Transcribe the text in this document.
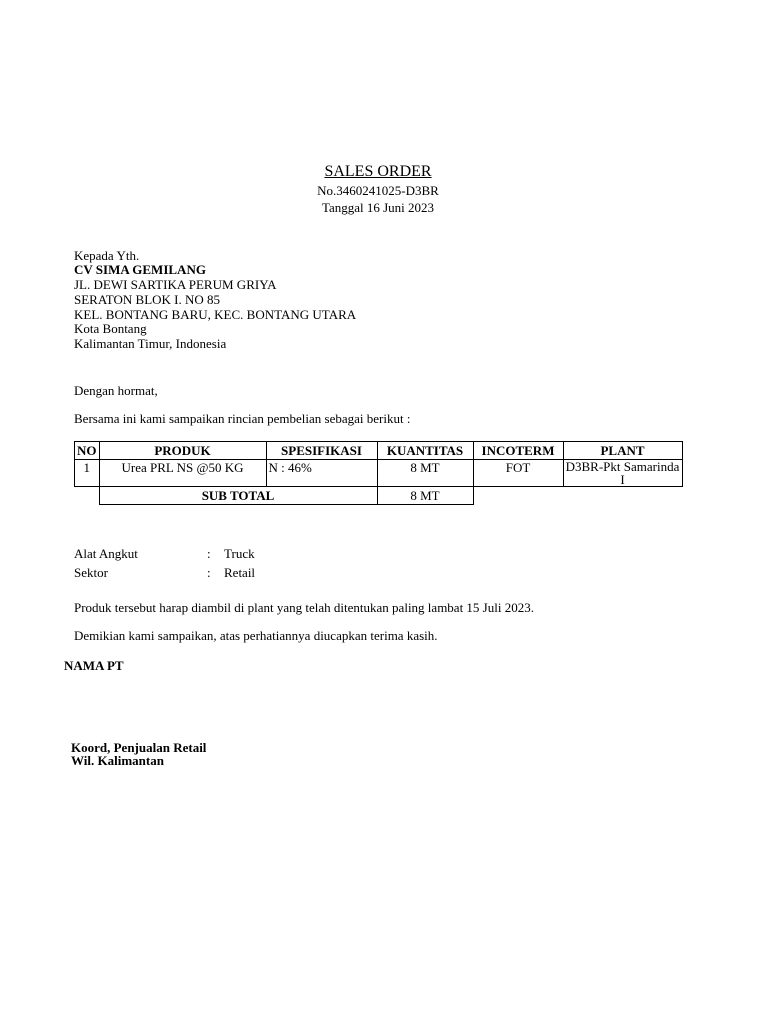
SALES ORDER
No.3460241025-D3BR
Tanggal 16 Juni 2023
Kepada Yth.
CV SIMA GEMILANG
JL. DEWI SARTIKA PERUM GRIYA
SERATON BLOK I. NO 85
KEL. BONTANG BARU, KEC. BONTANG UTARA
Kota Bontang
Kalimantan Timur, Indonesia
Dengan hormat,
Bersama ini kami sampaikan rincian pembelian sebagai berikut :
NO	PRODUK	SPESIFIKASI	KUANTITAS	INCOTERM	PLANT
1	Urea PRL NS @50 KG	N : 46%	8 MT	FOT	D3BR-Pkt Samarinda I
	SUB TOTAL		8 MT		
Alat Angkut	: Truck
Sektor	: Retail
Produk tersebut harap diambil di plant yang telah ditentukan paling lambat 15 Juli 2023.
Demikian kami sampaikan, atas perhatiannya diucapkan terima kasih.
NAMA PT
Koord, Penjualan Retail
Wil. Kalimantan
